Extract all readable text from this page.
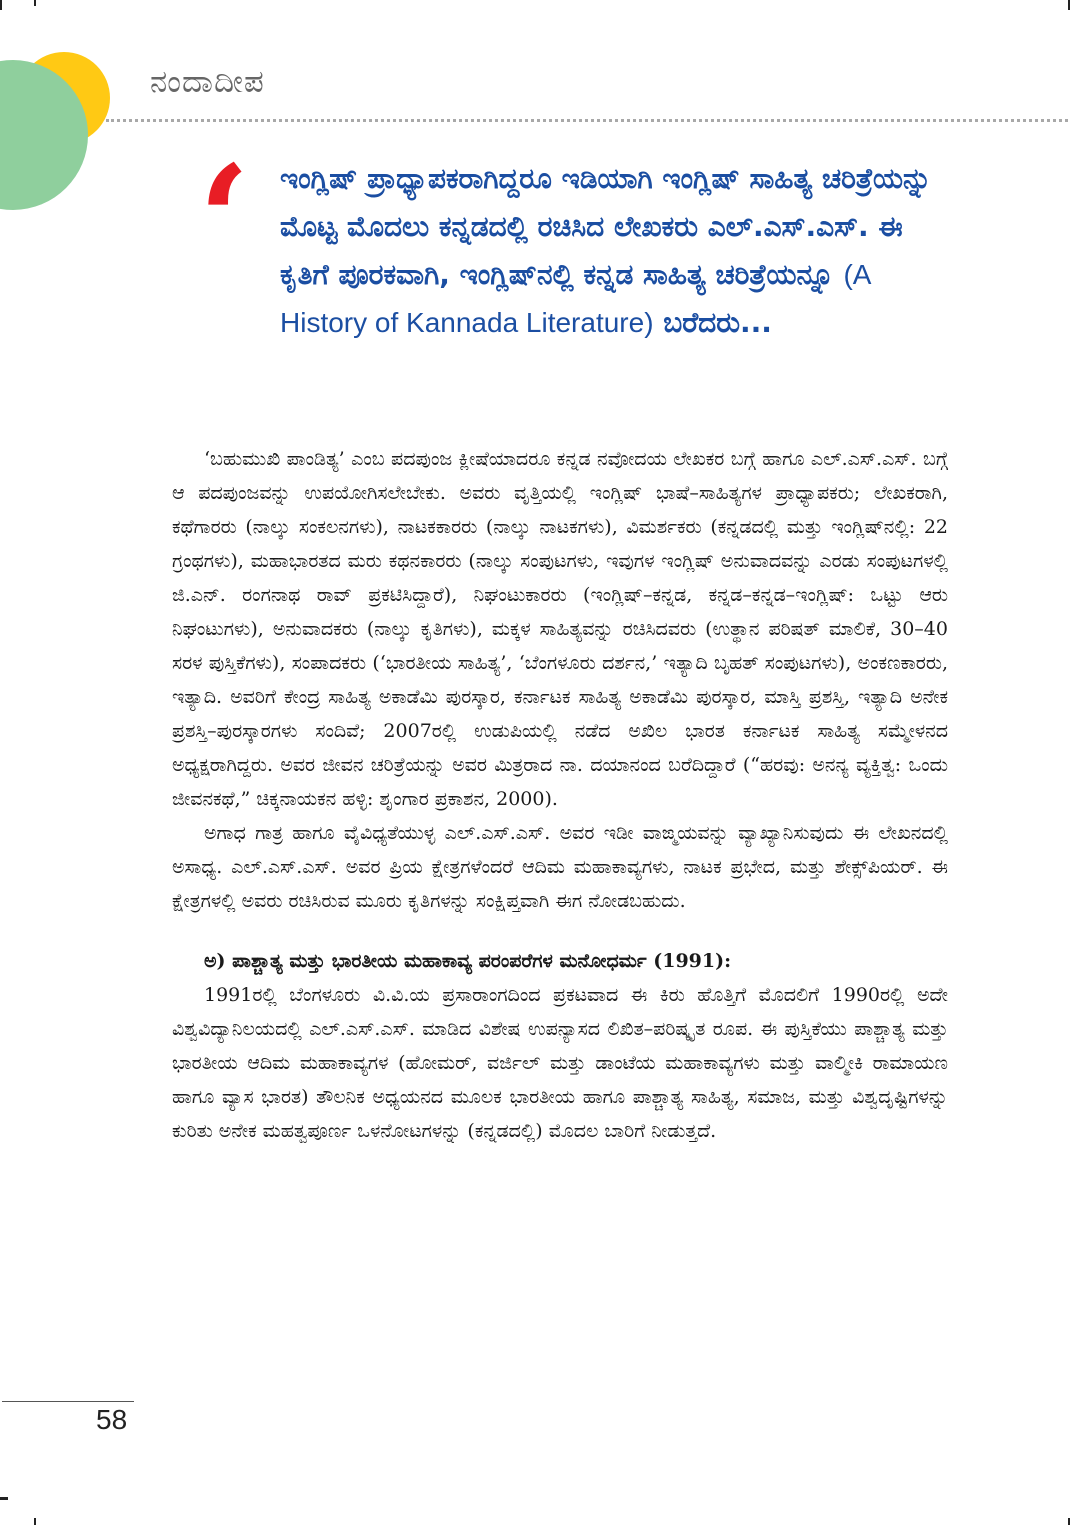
ನಂದಾದೀಪ
‘ ಇಂಗ್ಲಿಷ್ ಪ್ರಾಧ್ಯಾಪಕರಾಗಿದ್ದರೂ ಇಡಿಯಾಗಿ ಇಂಗ್ಲಿಷ್ ಸಾಹಿತ್ಯ ಚರಿತ್ರೆಯನ್ನು ಮೊಟ್ಟ ಮೊದಲು ಕನ್ನಡದಲ್ಲಿ ರಚಿಸಿದ ಲೇಖಕರು ಎಲ್.ಎಸ್.ಎಸ್. ಈ ಕೃತಿಗೆ ಪೂರಕವಾಗಿ, ಇಂಗ್ಲಿಷ್‌ನಲ್ಲಿ ಕನ್ನಡ ಸಾಹಿತ್ಯ ಚರಿತ್ರೆಯನ್ನೂ (A History of Kannada Literature) ಬರೆದರು...

‘ಬಹುಮುಖಿ ಪಾಂಡಿತ್ಯ’ ಎಂಬ ಪದಪುಂಜ ಕ್ಲೀಷೆಯಾದರೂ ಕನ್ನಡ ನವೋದಯ ಲೇಖಕರ ಬಗ್ಗೆ ಹಾಗೂ ಎಲ್.ಎಸ್.ಎಸ್. ಬಗ್ಗೆ ಆ ಪದಪುಂಜವನ್ನು ಉಪಯೋಗಿಸಲೇಬೇಕು. ಅವರು ವೃತ್ತಿಯಲ್ಲಿ ಇಂಗ್ಲಿಷ್ ಭಾಷೆ–ಸಾಹಿತ್ಯಗಳ ಪ್ರಾಧ್ಯಾಪಕರು; ಲೇಖಕರಾಗಿ, ಕಥೆಗಾರರು (ನಾಲ್ಕು ಸಂಕಲನಗಳು), ನಾಟಕಕಾರರು (ನಾಲ್ಕು ನಾಟಕಗಳು), ವಿಮರ್ಶಕರು (ಕನ್ನಡದಲ್ಲಿ ಮತ್ತು ಇಂಗ್ಲಿಷ್‌ನಲ್ಲಿ: 22 ಗ್ರಂಥಗಳು), ಮಹಾಭಾರತದ ಮರು ಕಥನಕಾರರು (ನಾಲ್ಕು ಸಂಪುಟಗಳು, ಇವುಗಳ ಇಂಗ್ಲಿಷ್ ಅನುವಾದವನ್ನು ಎರಡು ಸಂಪುಟಗಳಲ್ಲಿ ಜಿ.ಎನ್. ರಂಗನಾಥ ರಾವ್ ಪ್ರಕಟಿಸಿದ್ದಾರೆ), ನಿಘಂಟುಕಾರರು (ಇಂಗ್ಲಿಷ್–ಕನ್ನಡ, ಕನ್ನಡ–ಕನ್ನಡ–ಇಂಗ್ಲಿಷ್: ಒಟ್ಟು ಆರು ನಿಘಂಟುಗಳು), ಅನುವಾದಕರು (ನಾಲ್ಕು ಕೃತಿಗಳು), ಮಕ್ಕಳ ಸಾಹಿತ್ಯವನ್ನು ರಚಿಸಿದವರು (ಉತ್ಥಾನ ಪರಿಷತ್ ಮಾಲಿಕೆ, 30–40 ಸರಳ ಪುಸ್ತಿಕೆಗಳು), ಸಂಪಾದಕರು (‘ಭಾರತೀಯ ಸಾಹಿತ್ಯ’, ‘ಬೆಂಗಳೂರು ದರ್ಶನ,’ ಇತ್ಯಾದಿ ಬೃಹತ್ ಸಂಪುಟಗಳು), ಅಂಕಣಕಾರರು, ಇತ್ಯಾದಿ. ಅವರಿಗೆ ಕೇಂದ್ರ ಸಾಹಿತ್ಯ ಅಕಾಡೆಮಿ ಪುರಸ್ಕಾರ, ಕರ್ನಾಟಕ ಸಾಹಿತ್ಯ ಅಕಾಡೆಮಿ ಪುರಸ್ಕಾರ, ಮಾಸ್ತಿ ಪ್ರಶಸ್ತಿ, ಇತ್ಯಾದಿ ಅನೇಕ ಪ್ರಶಸ್ತಿ–ಪುರಸ್ಕಾರಗಳು ಸಂದಿವೆ; 2007ರಲ್ಲಿ ಉಡುಪಿಯಲ್ಲಿ ನಡೆದ ಅಖಿಲ ಭಾರತ ಕರ್ನಾಟಕ ಸಾಹಿತ್ಯ ಸಮ್ಮೇಳನದ ಅಧ್ಯಕ್ಷರಾಗಿದ್ದರು. ಅವರ ಜೀವನ ಚರಿತ್ರೆಯನ್ನು ಅವರ ಮಿತ್ರರಾದ ನಾ. ದಯಾನಂದ ಬರೆದಿದ್ದಾರೆ (“ಹರವು: ಅನನ್ಯ ವ್ಯಕ್ತಿತ್ವ: ಒಂದು ಜೀವನಕಥೆ,” ಚಿಕ್ಕನಾಯಕನ ಹಳ್ಳಿ: ಶೃಂಗಾರ ಪ್ರಕಾಶನ, 2000).

ಅಗಾಧ ಗಾತ್ರ ಹಾಗೂ ವೈವಿಧ್ಯತೆಯುಳ್ಳ ಎಲ್.ಎಸ್.ಎಸ್. ಅವರ ಇಡೀ ವಾಙ್ಮಯವನ್ನು ವ್ಯಾಖ್ಯಾನಿಸುವುದು ಈ ಲೇಖನದಲ್ಲಿ ಅಸಾಧ್ಯ. ಎಲ್.ಎಸ್.ಎಸ್. ಅವರ ಪ್ರಿಯ ಕ್ಷೇತ್ರಗಳೆಂದರೆ ಆದಿಮ ಮಹಾಕಾವ್ಯಗಳು, ನಾಟಕ ಪ್ರಭೇದ, ಮತ್ತು ಶೇಕ್ಸ್‌ಪಿಯರ್. ಈ ಕ್ಷೇತ್ರಗಳಲ್ಲಿ ಅವರು ರಚಿಸಿರುವ ಮೂರು ಕೃತಿಗಳನ್ನು ಸಂಕ್ಷಿಪ್ತವಾಗಿ ಈಗ ನೋಡಬಹುದು.

ಅ) ಪಾಶ್ಚಾತ್ಯ ಮತ್ತು ಭಾರತೀಯ ಮಹಾಕಾವ್ಯ ಪರಂಪರೆಗಳ ಮನೋಧರ್ಮ (1991):

1991ರಲ್ಲಿ ಬೆಂಗಳೂರು ವಿ.ವಿ.ಯ ಪ್ರಸಾರಾಂಗದಿಂದ ಪ್ರಕಟವಾದ ಈ ಕಿರು ಹೊತ್ತಿಗೆ ಮೊದಲಿಗೆ 1990ರಲ್ಲಿ ಅದೇ ವಿಶ್ವವಿದ್ಯಾನಿಲಯದಲ್ಲಿ ಎಲ್.ಎಸ್.ಎಸ್. ಮಾಡಿದ ವಿಶೇಷ ಉಪನ್ಯಾಸದ ಲಿಖಿತ–ಪರಿಷ್ಕೃತ ರೂಪ. ಈ ಪುಸ್ತಿಕೆಯು ಪಾಶ್ಚಾತ್ಯ ಮತ್ತು ಭಾರತೀಯ ಆದಿಮ ಮಹಾಕಾವ್ಯಗಳ (ಹೋಮರ್, ವರ್ಜಿಲ್ ಮತ್ತು ಡಾಂಟೆಯ ಮಹಾಕಾವ್ಯಗಳು ಮತ್ತು ವಾಲ್ಮೀಕಿ ರಾಮಾಯಣ ಹಾಗೂ ವ್ಯಾಸ ಭಾರತ) ತೌಲನಿಕ ಅಧ್ಯಯನದ ಮೂಲಕ ಭಾರತೀಯ ಹಾಗೂ ಪಾಶ್ಚಾತ್ಯ ಸಾಹಿತ್ಯ, ಸಮಾಜ, ಮತ್ತು ವಿಶ್ವದೃಷ್ಟಿಗಳನ್ನು ಕುರಿತು ಅನೇಕ ಮಹತ್ವಪೂರ್ಣ ಒಳನೋಟಗಳನ್ನು (ಕನ್ನಡದಲ್ಲಿ) ಮೊದಲ ಬಾರಿಗೆ ನೀಡುತ್ತದೆ.

58
